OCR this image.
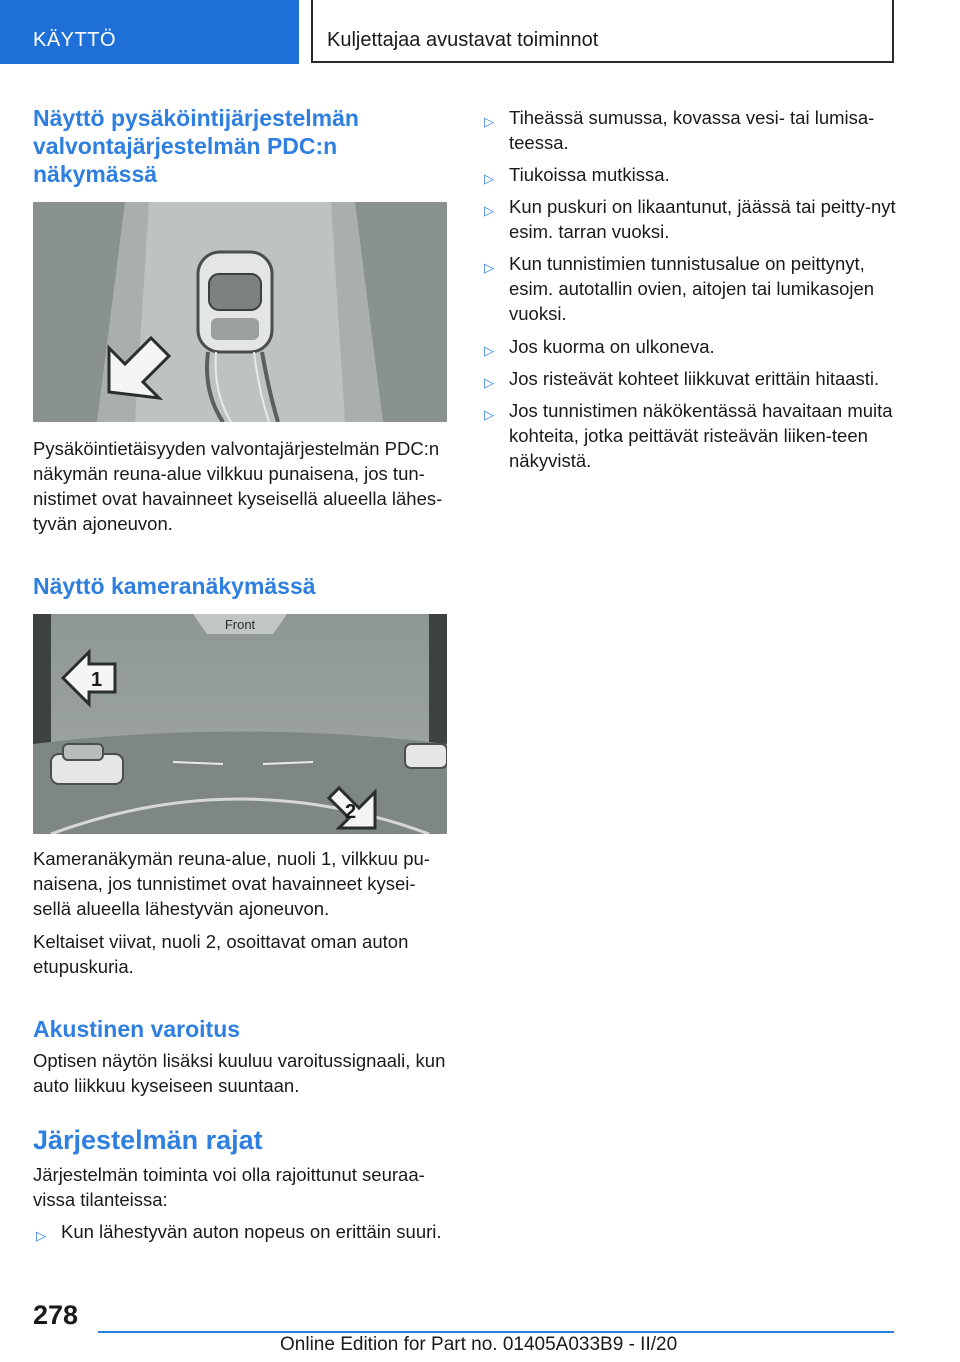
KÄYTTÖ	Kuljettajaa avustavat toiminnot
Näyttö pysäköintijärjestelmän valvontajärjestelmän PDC:n näkymässä

Pysäköintietäisyyden valvontajärjestelmän PDC:n näkymän reuna-alue vilkkuu punaisena, jos tun-nistimet ovat havainneet kyseisellä alueella lähes-tyvän ajoneuvon.

Näyttö kameranäkymässä
Front
1
2

Kameranäkymän reuna-alue, nuoli 1, vilkkuu pu-naisena, jos tunnistimet ovat havainneet kysei-sellä alueella lähestyvän ajoneuvon.

Keltaiset viivat, nuoli 2, osoittavat oman auton etupuskuria.

Akustinen varoitus

Optisen näytön lisäksi kuuluu varoitussignaali, kun auto liikkuu kyseiseen suuntaan.

Järjestelmän rajat

Järjestelmän toiminta voi olla rajoittunut seuraa-vissa tilanteissa:

▷ Kun lähestyvän auton nopeus on erittäin suuri.
▷ Tiheässä sumussa, kovassa vesi- tai lumisa-teessa.
▷ Tiukoissa mutkissa.
▷ Kun puskuri on likaantunut, jäässä tai peitty-nyt esim. tarran vuoksi.
▷ Kun tunnistimien tunnistusalue on peittynyt, esim. autotallin ovien, aitojen tai lumikasojen vuoksi.
▷ Jos kuorma on ulkoneva.
▷ Jos risteävät kohteet liikkuvat erittäin hitaasti.
▷ Jos tunnistimen näkökentässä havaitaan muita kohteita, jotka peittävät risteävän liiken-teen näkyvistä.
278
Online Edition for Part no. 01405A033B9 - II/20
